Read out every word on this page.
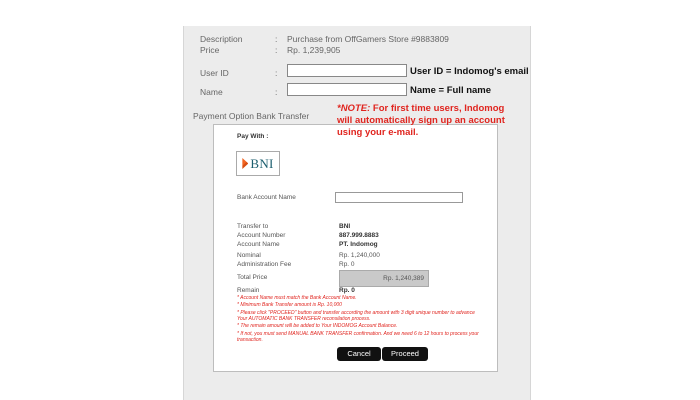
Description	: Purchase from OffGamers Store #9883809
Price	: Rp. 1,239,905
User ID	:	User ID = Indomog's email
Name	:	Name = Full name
Payment Option Bank Transfer
Pay With :
BNI
Bank Account Name
Transfer to	BNI
Account Number	887.999.8883
Account Name	PT. Indomog
Nominal	Rp. 1,240,000
Administration Fee	Rp. 0
Total Price	Rp. 1,240,389
Remain	Rp. 0
* Account Name must match the Bank Account Name.
* Minimum Bank Transfer amount is Rp. 10,000
* Please click "PROCEED" button and transfer according the amount with 3 digit unique number to advance Your AUTOMATIC BANK TRANSFER reconsilation process.
* The remain amount will be added to Your INDOMOG Account Balance.
* If not, you must send MANUAL BANK TRANSFER confirmation. And we need 6 to 12 hours to process your transaction.
Cancel	Proceed
*NOTE: For first time users, Indomog
will automatically sign up an account
using your e-mail.
